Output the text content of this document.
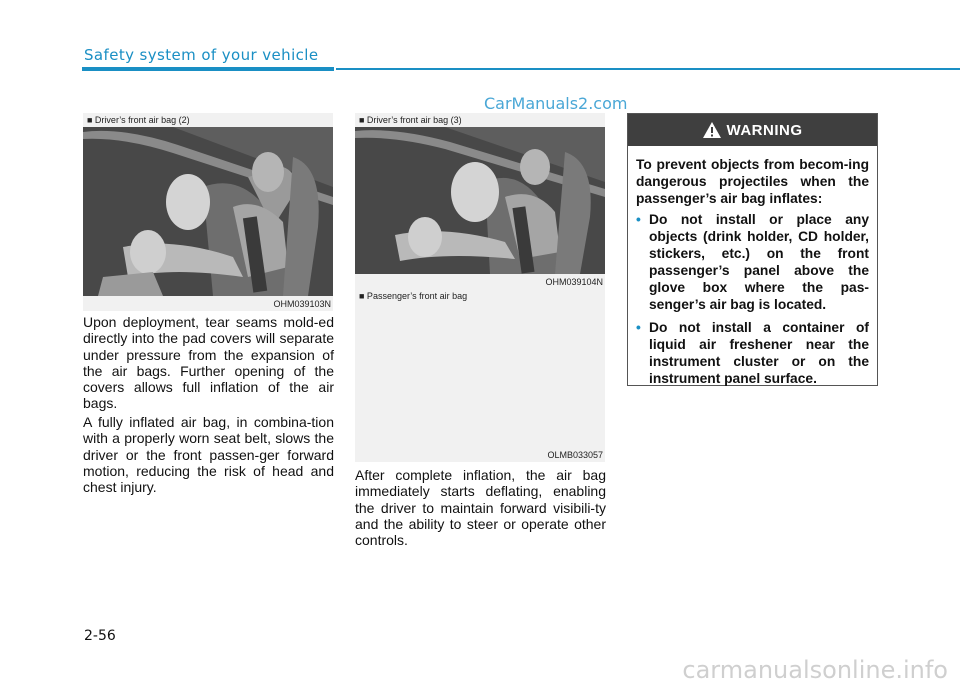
Safety system of your vehicle
CarManuals2.com
■ Driver’s front air bag (2)
OHM039103N
■ Driver’s front air bag (3)
OHM039104N
■ Passenger’s front air bag
OLMB033057

Upon deployment, tear seams mold-ed directly into the pad covers will separate under pressure from the expansion of the air bags. Further opening of the covers allows full inflation of the air bags.

A fully inflated air bag, in combina-tion with a properly worn seat belt, slows the driver or the front passen-ger forward motion, reducing the risk of head and chest injury.

After complete inflation, the air bag immediately starts deflating, enabling the driver to maintain forward visibili-ty and the ability to steer or operate other controls.

WARNING

To prevent objects from becom-ing dangerous projectiles when the passenger’s air bag inflates:

• Do not install or place any objects (drink holder, CD holder, stickers, etc.) on the front passenger’s panel above the glove box where the pas-senger’s air bag is located.
• Do not install a container of liquid air freshener near the instrument cluster or on the instrument panel surface.
2-56
carmanualsonline.info
